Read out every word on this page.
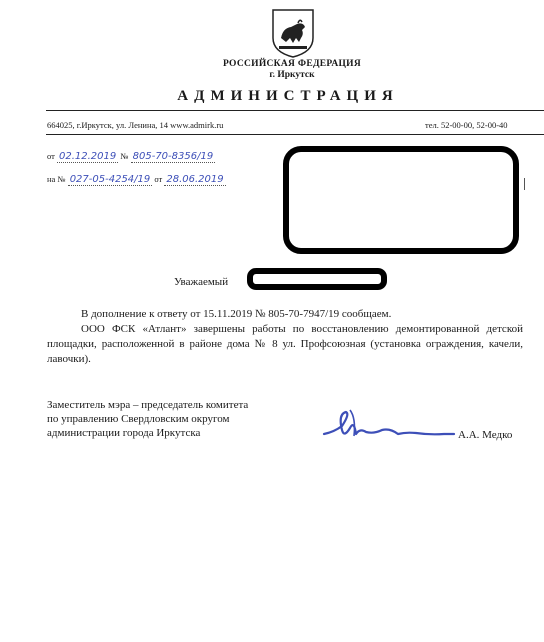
РОССИЙСКАЯ ФЕДЕРАЦИЯ
г. Иркутск
АДМИНИСТРАЦИЯ
664025, г.Иркутск, ул. Ленина, 14 www.admirk.ru	тел. 52-00-00, 52-00-40
от 02.12.2019 № 805-70-8356/19
на № 027-05-4254/19 от 28.06.2019
Уважаемый

В дополнение к ответу от 15.11.2019 № 805-70-7947/19 сообщаем.

ООО ФСК «Атлант» завершены работы по восстановлению демонтированной детской площадки, расположенной в районе дома № 8 ул. Профсоюзная (установка ограждения, качели, лавочки).

Заместитель мэра – председатель комитета
по управлению Свердловским округом
администрации города Иркутска	А.А. Медко
